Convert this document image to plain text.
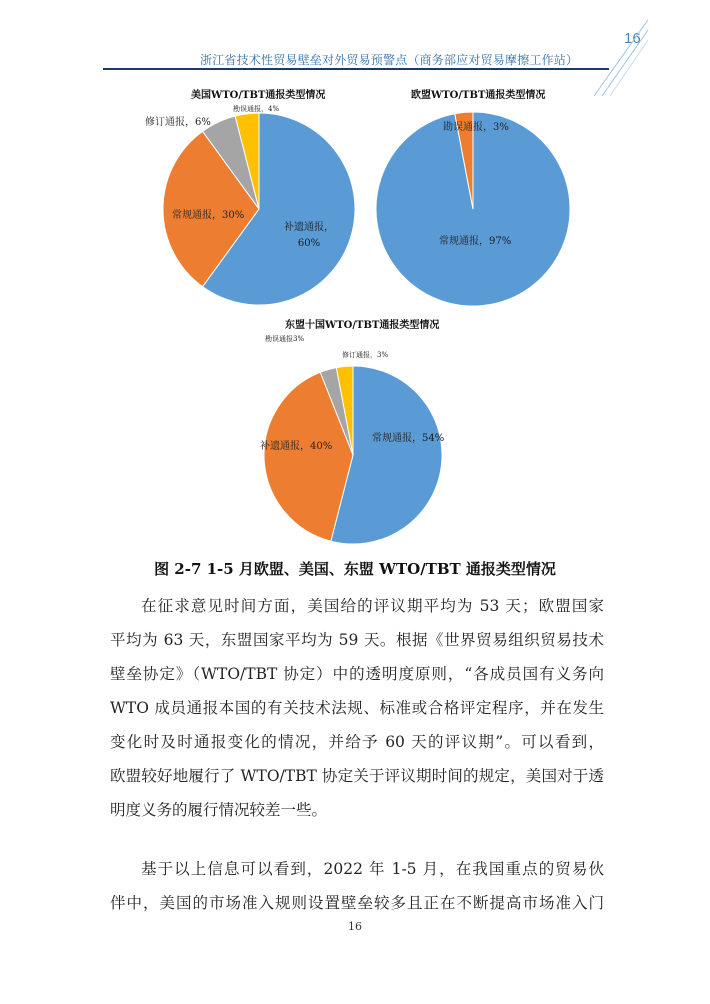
16
浙江省技术性贸易壁垒对外贸易预警点（商务部应对贸易摩擦工作站）
美国WTO/TBT通报类型情况
补遗通报，60%
常规通报，30%
修订通报，6%
勘误通报，4%
欧盟WTO/TBT通报类型情况
常规通报，97%
勘误通报，3%
东盟十国WTO/TBT通报类型情况
常规通报，54%
补遗通报，40%
勘误通报3%
修订通报，3%
图 2-7 1-5 月欧盟、美国、东盟 WTO/TBT 通报类型情况
在征求意见时间方面，美国给的评议期平均为 53 天；欧盟国家
平均为 63 天，东盟国家平均为 59 天。根据《世界贸易组织贸易技术
壁垒协定》（WTO/TBT 协定）中的透明度原则，“各成员国有义务向
WTO 成员通报本国的有关技术法规、标准或合格评定程序，并在发生
变化时及时通报变化的情况，并给予 60 天的评议期”。可以看到，
欧盟较好地履行了 WTO/TBT 协定关于评议期时间的规定，美国对于透
明度义务的履行情况较差一些。
基于以上信息可以看到，2022 年 1-5 月，在我国重点的贸易伙
伴中，美国的市场准入规则设置壁垒较多且正在不断提高市场准入门
16
